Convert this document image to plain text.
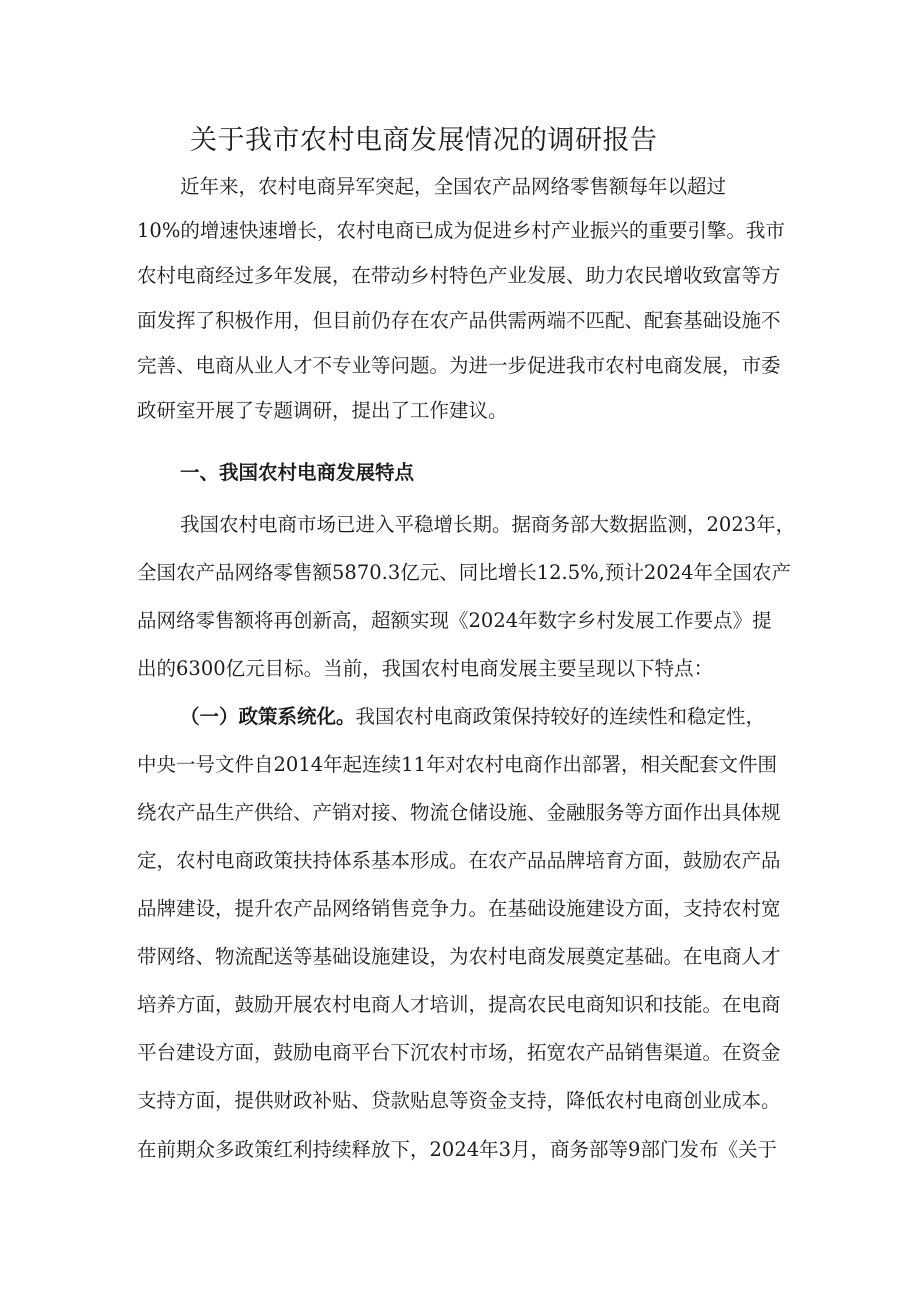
关于我市农村电商发展情况的调研报告
近年来，农村电商异军突起，全国农产品网络零售额每年以超过
10%的增速快速增长，农村电商已成为促进乡村产业振兴的重要引擎。我市
农村电商经过多年发展，在带动乡村特色产业发展、助力农民增收致富等方
面发挥了积极作用，但目前仍存在农产品供需两端不匹配、配套基础设施不
完善、电商从业人才不专业等问题。为进一步促进我市农村电商发展，市委
政研室开展了专题调研，提出了工作建议。
一、我国农村电商发展特点
我国农村电商市场已进入平稳增长期。据商务部大数据监测，2023年，
全国农产品网络零售额5870.3亿元、同比增长12.5%,预计2024年全国农产
品网络零售额将再创新高，超额实现《2024年数字乡村发展工作要点》提
出的6300亿元目标。当前，我国农村电商发展主要呈现以下特点：
（一）政策系统化。我国农村电商政策保持较好的连续性和稳定性，
中央一号文件自2014年起连续11年对农村电商作出部署，相关配套文件围
绕农产品生产供给、产销对接、物流仓储设施、金融服务等方面作出具体规
定，农村电商政策扶持体系基本形成。在农产品品牌培育方面，鼓励农产品
品牌建设，提升农产品网络销售竞争力。在基础设施建设方面，支持农村宽
带网络、物流配送等基础设施建设，为农村电商发展奠定基础。在电商人才
培养方面，鼓励开展农村电商人才培训，提高农民电商知识和技能。在电商
平台建设方面，鼓励电商平台下沉农村市场，拓宽农产品销售渠道。在资金
支持方面，提供财政补贴、贷款贴息等资金支持，降低农村电商创业成本。
在前期众多政策红利持续释放下，2024年3月，商务部等9部门发布《关于
